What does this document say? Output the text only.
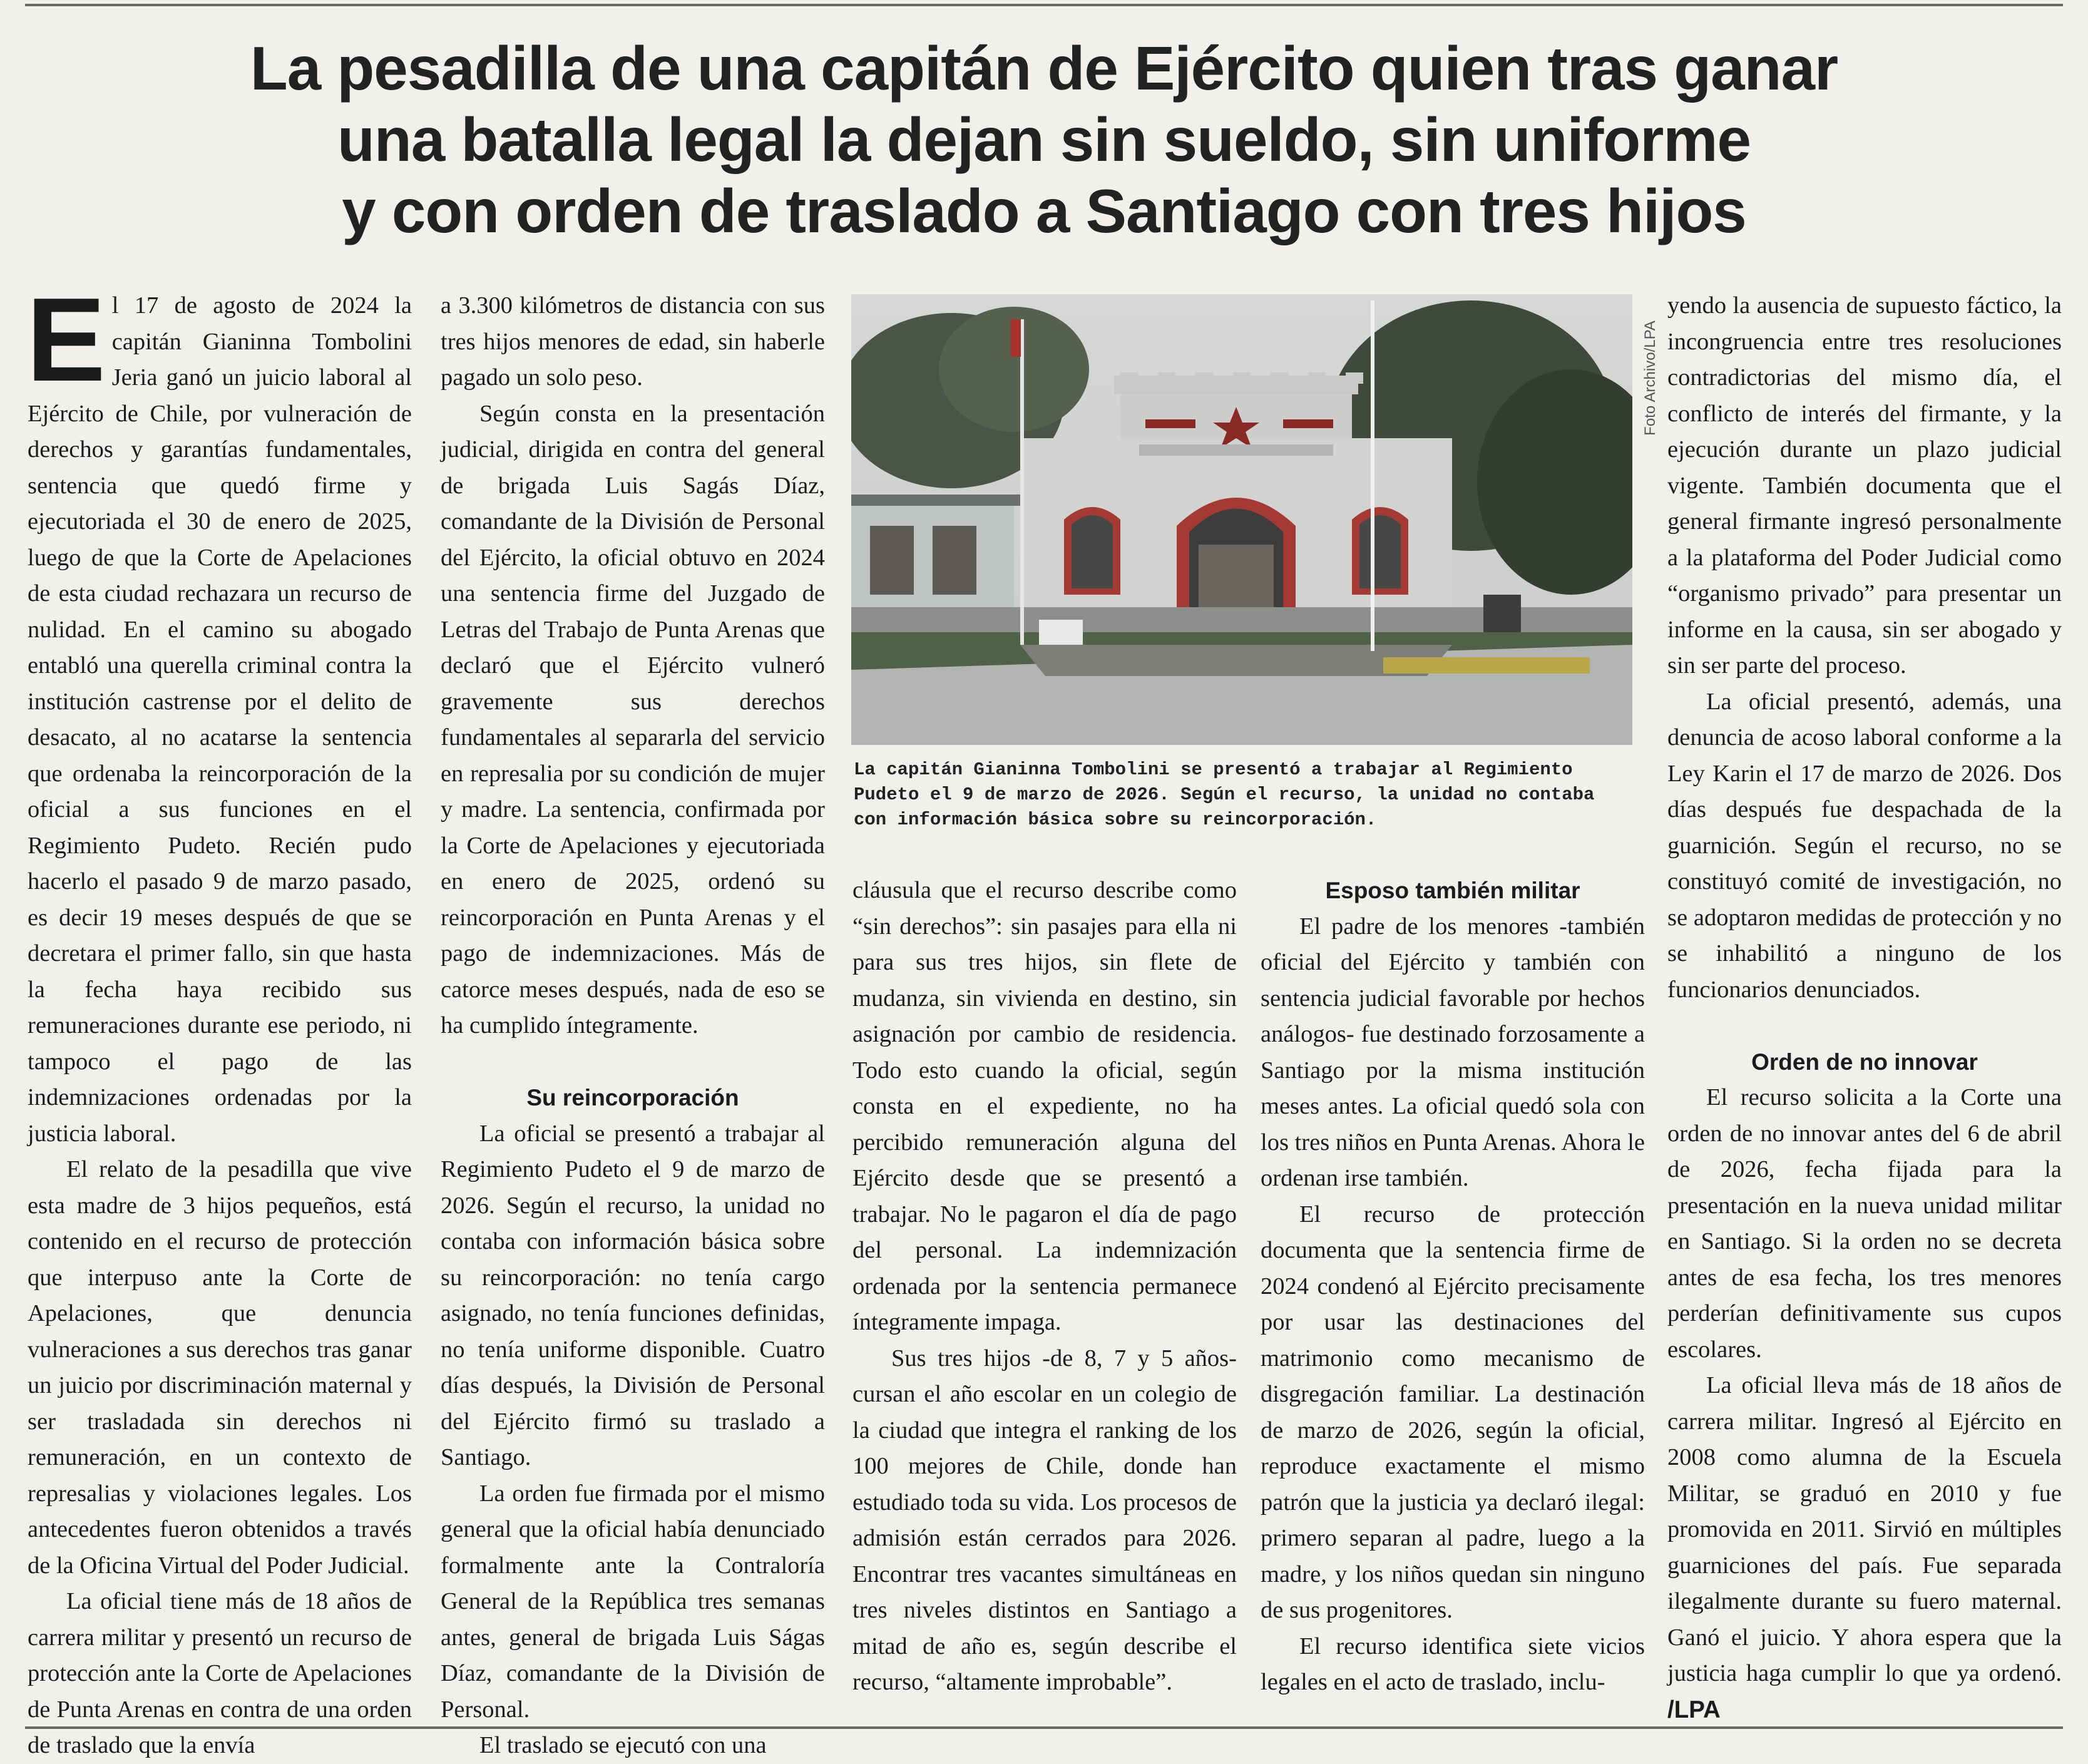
La pesadilla de una capitán de Ejército quien tras ganar
una batalla legal la dejan sin sueldo, sin uniforme
y con orden de traslado a Santiago con tres hijos

El 17 de agosto de 2024 la capitán Gianinna Tombolini Jeria ganó un juicio laboral al Ejército de Chile, por vulneración de derechos y garantías fundamentales, sentencia que quedó firme y ejecutoriada el 30 de enero de 2025, luego de que la Corte de Apelaciones de esta ciudad rechazara un recurso de nulidad. En el camino su abogado entabló una querella criminal contra la institución castrense por el delito de desacato, al no acatarse la sentencia que ordenaba la reincorporación de la oficial a sus funciones en el Regimiento Pudeto. Recién pudo hacerlo el pasado 9 de marzo pasado, es decir 19 meses después de que se decretara el primer fallo, sin que hasta la fecha haya recibido sus remuneraciones durante ese periodo, ni tampoco el pago de las indemnizaciones ordenadas por la justicia laboral.

El relato de la pesadilla que vive esta madre de 3 hijos pequeños, está contenido en el recurso de protección que interpuso ante la Corte de Apelaciones, que denuncia vulneraciones a sus derechos tras ganar un juicio por discriminación maternal y ser trasladada sin derechos ni remuneración, en un contexto de represalias y violaciones legales. Los antecedentes fueron obtenidos a través de la Oficina Virtual del Poder Judicial.

La oficial tiene más de 18 años de carrera militar y presentó un recurso de protección ante la Corte de Apelaciones de Punta Arenas en contra de una orden de traslado que la envía

a 3.300 kilómetros de distancia con sus tres hijos menores de edad, sin haberle pagado un solo peso.

Según consta en la presentación judicial, dirigida en contra del general de brigada Luis Sagás Díaz, comandante de la División de Personal del Ejército, la oficial obtuvo en 2024 una sentencia firme del Juzgado de Letras del Trabajo de Punta Arenas que declaró que el Ejército vulneró gravemente sus derechos fundamentales al separarla del servicio en represalia por su condición de mujer y madre. La sentencia, confirmada por la Corte de Apelaciones y ejecutoriada en enero de 2025, ordenó su reincorporación en Punta Arenas y el pago de indemnizaciones. Más de catorce meses después, nada de eso se ha cumplido íntegramente.

Su reincorporación

La oficial se presentó a trabajar al Regimiento Pudeto el 9 de marzo de 2026. Según el recurso, la unidad no contaba con información básica sobre su reincorporación: no tenía cargo asignado, no tenía funciones definidas, no tenía uniforme disponible. Cuatro días después, la División de Personal del Ejército firmó su traslado a Santiago.

La orden fue firmada por el mismo general que la oficial había denunciado formalmente ante la Contraloría General de la República tres semanas antes, general de brigada Luis Ságas Díaz, comandante de la División de Personal.

El traslado se ejecutó con una

Foto Archivo/LPA
La capitán Gianinna Tombolini se presentó a trabajar al Regimiento Pudeto el 9 de marzo de 2026. Según el recurso, la unidad no contaba con información básica sobre su reincorporación.

cláusula que el recurso describe como “sin derechos”: sin pasajes para ella ni para sus tres hijos, sin flete de mudanza, sin vivienda en destino, sin asignación por cambio de residencia. Todo esto cuando la oficial, según consta en el expediente, no ha percibido remuneración alguna del Ejército desde que se presentó a trabajar. No le pagaron el día de pago del personal. La indemnización ordenada por la sentencia permanece íntegramente impaga.

Sus tres hijos -de 8, 7 y 5 años- cursan el año escolar en un colegio de la ciudad que integra el ranking de los 100 mejores de Chile, donde han estudiado toda su vida. Los procesos de admisión están cerrados para 2026. Encontrar tres vacantes simultáneas en tres niveles distintos en Santiago a mitad de año es, según describe el recurso, “altamente improbable”.

Esposo también militar

El padre de los menores -también oficial del Ejército y también con sentencia judicial favorable por hechos análogos- fue destinado forzosamente a Santiago por la misma institución meses antes. La oficial quedó sola con los tres niños en Punta Arenas. Ahora le ordenan irse también.

El recurso de protección documenta que la sentencia firme de 2024 condenó al Ejército precisamente por usar las destinaciones del matrimonio como mecanismo de disgregación familiar. La destinación de marzo de 2026, según la oficial, reproduce exactamente el mismo patrón que la justicia ya declaró ilegal: primero separan al padre, luego a la madre, y los niños quedan sin ninguno de sus progenitores.

El recurso identifica siete vicios legales en el acto de traslado, inclu-

yendo la ausencia de supuesto fáctico, la incongruencia entre tres resoluciones contradictorias del mismo día, el conflicto de interés del firmante, y la ejecución durante un plazo judicial vigente. También documenta que el general firmante ingresó personalmente a la plataforma del Poder Judicial como “organismo privado” para presentar un informe en la causa, sin ser abogado y sin ser parte del proceso.

La oficial presentó, además, una denuncia de acoso laboral conforme a la Ley Karin el 17 de marzo de 2026. Dos días después fue despachada de la guarnición. Según el recurso, no se constituyó comité de investigación, no se adoptaron medidas de protección y no se inhabilitó a ninguno de los funcionarios denunciados.

Orden de no innovar

El recurso solicita a la Corte una orden de no innovar antes del 6 de abril de 2026, fecha fijada para la presentación en la nueva unidad militar en Santiago. Si la orden no se decreta antes de esa fecha, los tres menores perderían definitivamente sus cupos escolares.

La oficial lleva más de 18 años de carrera militar. Ingresó al Ejército en 2008 como alumna de la Escuela Militar, se graduó en 2010 y fue promovida en 2011. Sirvió en múltiples guarniciones del país. Fue separada ilegalmente durante su fuero maternal. Ganó el juicio. Y ahora espera que la justicia haga cumplir lo que ya ordenó. /LPA
